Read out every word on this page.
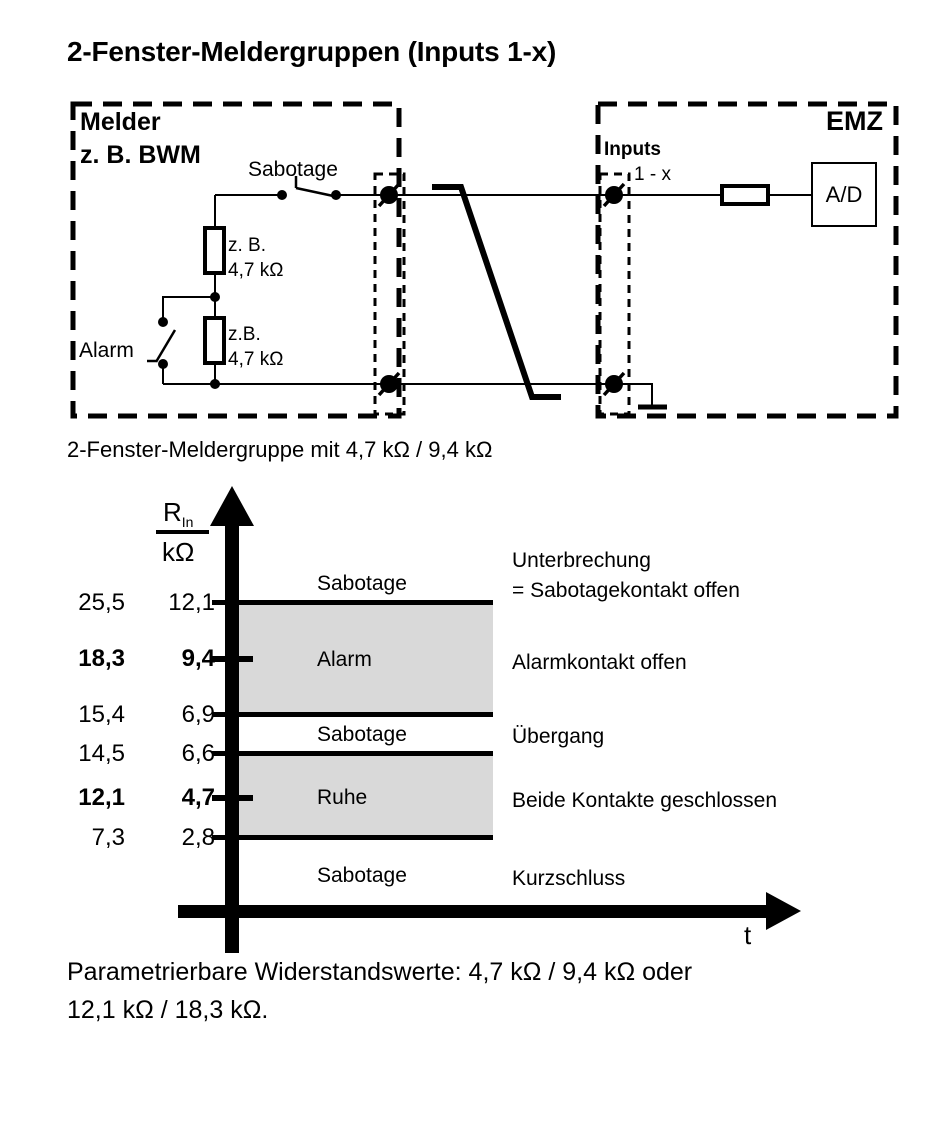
2-Fenster-Meldergruppen (Inputs 1-x)
Melder
z. B. BWM
Sabotage
z. B.
4,7 kΩ
z.B.
4,7 kΩ
Alarm
EMZ
Inputs
1 - x
A/D
2-Fenster-Meldergruppe mit 4,7 kΩ / 9,4 kΩ
$R_{In}$
kΩ
25,5	12,1
18,3	9,4
15,4	6,9
14,5	6,6
12,1	4,7
7,3	2,8
Sabotage
Alarm
Sabotage
Ruhe
Sabotage
Unterbrechung
= Sabotagekontakt offen
Alarmkontakt offen
Übergang
Beide Kontakte geschlossen
Kurzschluss
t
Parametrierbare Widerstandswerte: 4,7 kΩ / 9,4 kΩ oder
12,1 kΩ / 18,3 kΩ.
